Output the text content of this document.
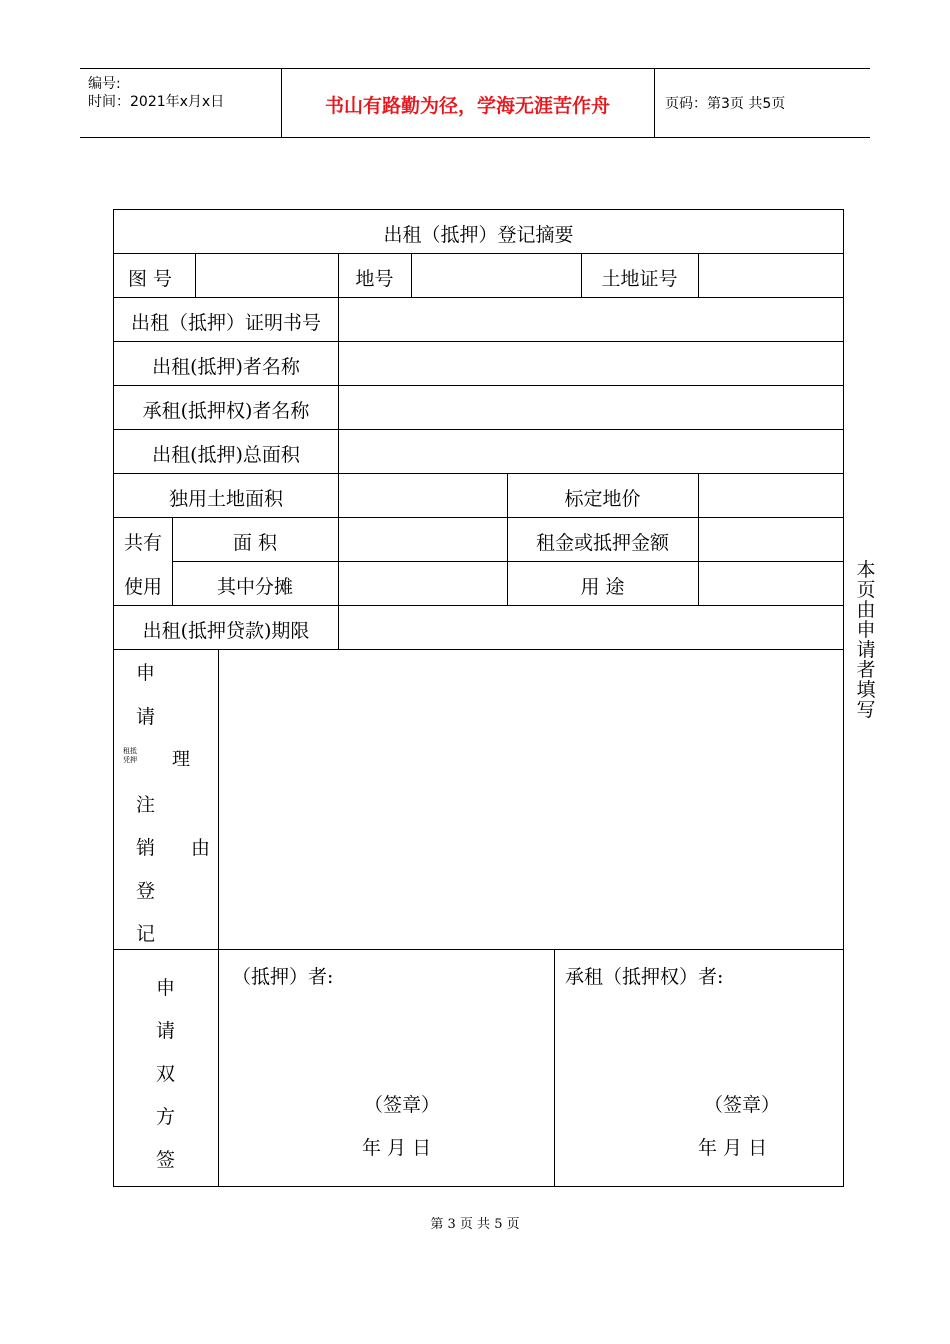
编号:
时间：2021年x月x日	书山有路勤为径，学海无涯苦作舟	页码：第3页 共5页
出租（抵押）登记摘要
图 号	地号	土地证号
出租（抵押）证明书号
出租(抵押)者名称
承租(抵押权)者名称
出租(抵押)总面积
独用土地面积	标定地价
共有	面 积	租金或抵押金额
使用	其中分摊	用 途
出租(抵押贷款)期限
申
请
租抵
凭押 理
注
销 由
登
记
申
请
双
方
签
（抵押）者:	承租（抵押权）者:
（签章）	（签章）
年 月 日	年 月 日
本
页
由
申
请
者
填
写
第 3 页 共 5 页
